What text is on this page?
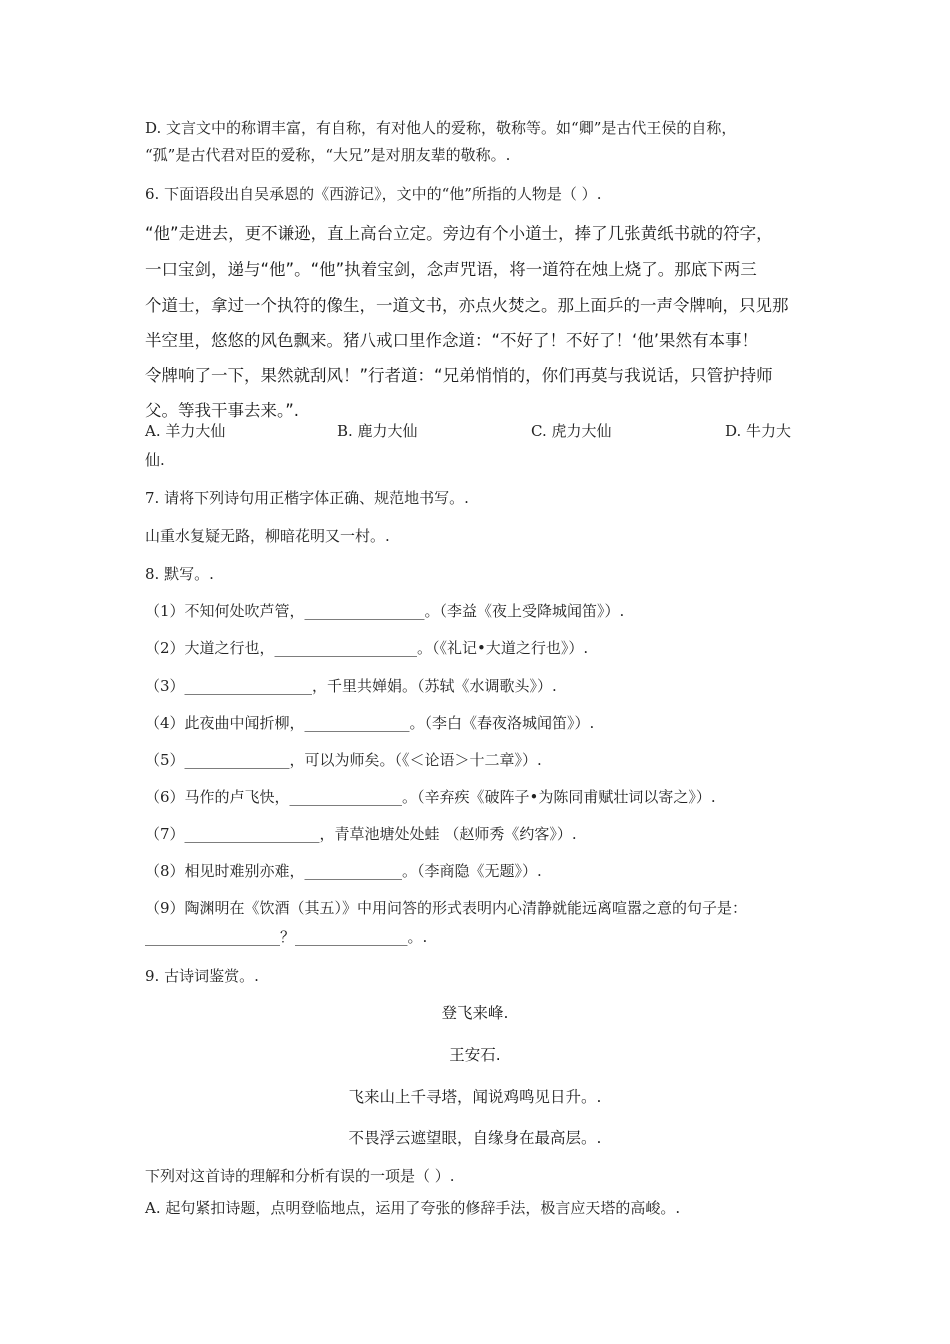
D. 文言文中的称谓丰富，有自称，有对他人的爱称，敬称等。如“卿”是古代王侯的自称，
“孤”是古代君对臣的爱称，“大兄”是对朋友辈的敬称。.
6. 下面语段出自吴承恩的《西游记》，文中的“他”所指的人物是（ ）.
“他”走进去，更不谦逊，直上高台立定。旁边有个小道士，捧了几张黄纸书就的符字，
一口宝剑，递与“他”。“他”执着宝剑，念声咒语，将一道符在烛上烧了。那底下两三
个道士，拿过一个执符的像生，一道文书，亦点火焚之。那上面乒的一声令牌响，只见那
半空里，悠悠的风色飘来。猪八戒口里作念道：“不好了！不好了！‘他’果然有本事！
令牌响了一下，果然就刮风！”行者道：“兄弟悄悄的，你们再莫与我说话，只管护持师
父。等我干事去来。”.
A. 羊力大仙	B. 鹿力大仙	C. 虎力大仙	D. 牛力大
仙.
7. 请将下列诗句用正楷字体正确、规范地书写。.
山重水复疑无路，柳暗花明又一村。.
8. 默写。.
（1）不知何处吹芦管，________________。（李益《夜上受降城闻笛》）.
（2）大道之行也，___________________。（《礼记•大道之行也》）.
（3）_________________，千里共婵娟。（苏轼《水调歌头》）.
（4）此夜曲中闻折柳，______________。（李白《春夜洛城闻笛》）.
（5）______________，可以为师矣。（《＜论语＞十二章》）.
（6）马作的卢飞快，_______________。（辛弃疾《破阵子•为陈同甫赋壮词以寄之》）.
（7）__________________，青草池塘处处蛙 （赵师秀《约客》）.
（8）相见时难别亦难，_____________。（李商隐《无题》）.
（9）陶渊明在《饮酒（其五）》中用问答的形式表明内心清静就能远离喧嚣之意的句子是：
__________________？_______________。.
9. 古诗词鉴赏。.
登飞来峰.
王安石.
飞来山上千寻塔，闻说鸡鸣见日升。.
不畏浮云遮望眼，自缘身在最高层。.
下列对这首诗的理解和分析有误的一项是（ ）.
A. 起句紧扣诗题，点明登临地点，运用了夸张的修辞手法，极言应天塔的高峻。.
